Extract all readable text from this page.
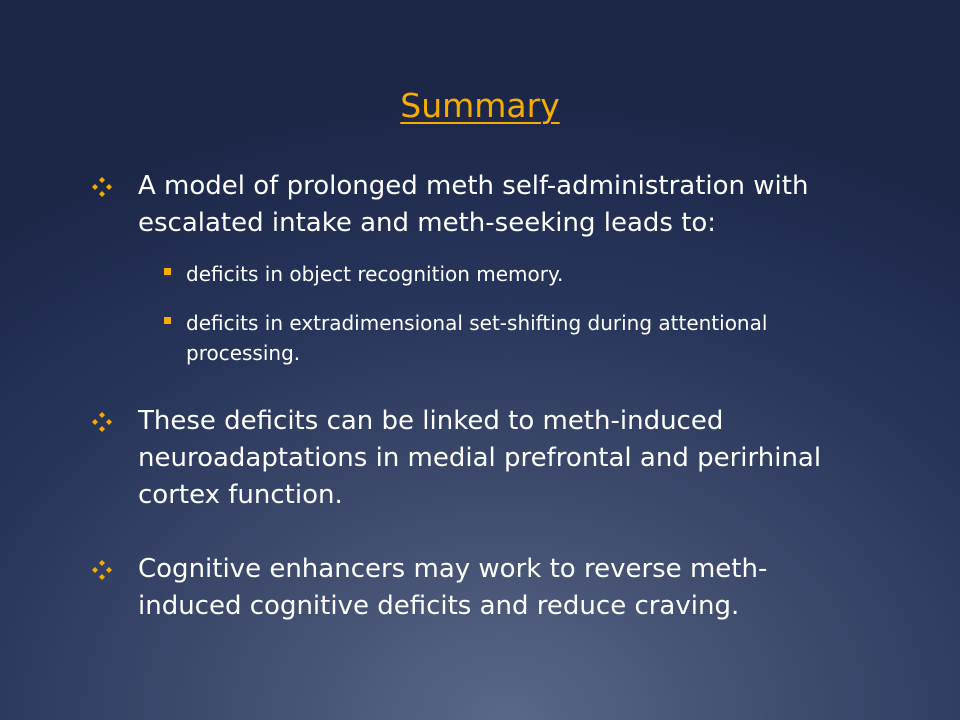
Summary

A model of prolonged meth self-administration with escalated intake and meth-seeking leads to:

deficits in object recognition memory.

deficits in extradimensional set-shifting during attentional processing.

These deficits can be linked to meth-induced neuroadaptations in medial prefrontal and perirhinal cortex function.

Cognitive enhancers may work to reverse meth-induced cognitive deficits and reduce craving.
